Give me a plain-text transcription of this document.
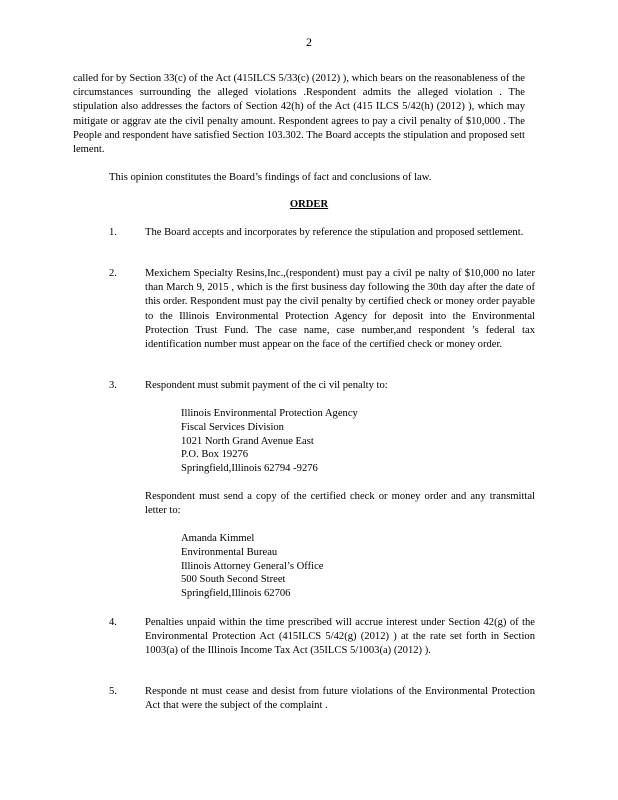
2
called for by Section 33(c) of the Act (415ILCS 5/33(c) (2012) ), which bears on the reasonableness of the circumstances surrounding the alleged violations .Respondent admits the alleged violation . The stipulation also addresses the factors of Section 42(h) of the Act (415 ILCS 5/42(h) (2012) ), which may mitigate or aggrav ate the civil penalty amount. Respondent agrees to pay a civil penalty of $10,000 . The People and respondent have satisfied Section 103.302. The Board accepts the stipulation and proposed sett lement.
This opinion constitutes the Board’s findings of fact and conclusions of law.
ORDER
1.	The Board accepts and incorporates by reference the stipulation and proposed settlement.
2.	Mexichem Specialty Resins,Inc.,(respondent) must pay a civil pe nalty of $10,000 no later than March 9, 2015 , which is the first business day following the 30th day after the date of this order. Respondent must pay the civil penalty by certified check or money order payable to the Illinois Environmental Protection Agency for deposit into the Environmental Protection Trust Fund. The case name, case number,and respondent ’s federal tax identification number must appear on the face of the certified check or money order.
3.	Respondent must submit payment of the ci vil penalty to:
Illinois Environmental Protection Agency
Fiscal Services Division
1021 North Grand Avenue East
P.O. Box 19276
Springfield,Illinois 62794 -9276
Respondent must send a copy of the certified check or money order and any transmittal letter to:
Amanda Kimmel
Environmental Bureau
Illinois Attorney General’s Office
500 South Second Street
Springfield,Illinois 62706
4.	Penalties unpaid within the time prescribed will accrue interest under Section 42(g) of the Environmental Protection Act (415ILCS 5/42(g) (2012) ) at the rate set forth in Section 1003(a) of the Illinois Income Tax Act (35ILCS 5/1003(a) (2012) ).
5.	Responde nt must cease and desist from future violations of the Environmental Protection Act that were the subject of the complaint .
